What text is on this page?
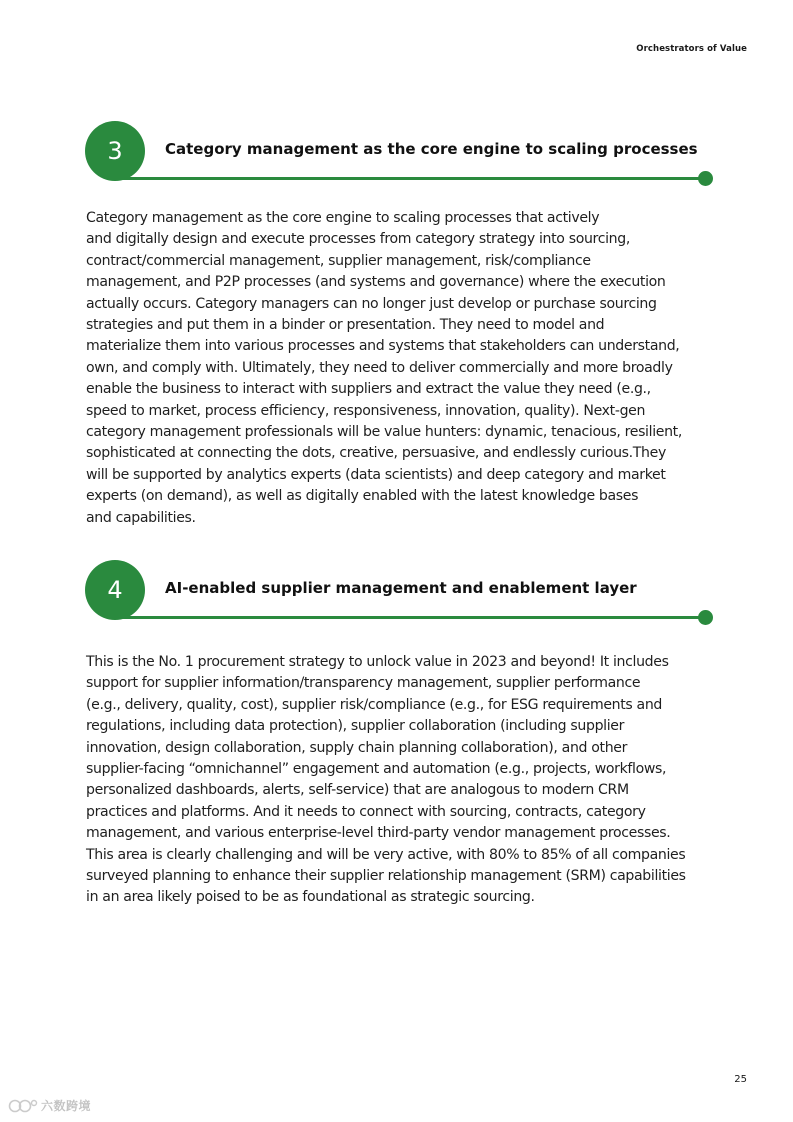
Orchestrators of Value
3	Category management as the core engine to scaling processes
Category management as the core engine to scaling processes that actively
and digitally design and execute processes from category strategy into sourcing,
contract/commercial management, supplier management, risk/compliance
management, and P2P processes (and systems and governance) where the execution
actually occurs. Category managers can no longer just develop or purchase sourcing
strategies and put them in a binder or presentation. They need to model and
materialize them into various processes and systems that stakeholders can understand,
own, and comply with. Ultimately, they need to deliver commercially and more broadly
enable the business to interact with suppliers and extract the value they need (e.g.,
speed to market, process efficiency, responsiveness, innovation, quality). Next-gen
category management professionals will be value hunters: dynamic, tenacious, resilient,
sophisticated at connecting the dots, creative, persuasive, and endlessly curious.They
will be supported by analytics experts (data scientists) and deep category and market
experts (on demand), as well as digitally enabled with the latest knowledge bases
and capabilities.
4	AI-enabled supplier management and enablement layer
This is the No. 1 procurement strategy to unlock value in 2023 and beyond! It includes
support for supplier information/transparency management, supplier performance
(e.g., delivery, quality, cost), supplier risk/compliance (e.g., for ESG requirements and
regulations, including data protection), supplier collaboration (including supplier
innovation, design collaboration, supply chain planning collaboration), and other
supplier-facing “omnichannel” engagement and automation (e.g., projects, workflows,
personalized dashboards, alerts, self-service) that are analogous to modern CRM
practices and platforms. And it needs to connect with sourcing, contracts, category
management, and various enterprise-level third-party vendor management processes.
This area is clearly challenging and will be very active, with 80% to 85% of all companies
surveyed planning to enhance their supplier relationship management (SRM) capabilities
in an area likely poised to be as foundational as strategic sourcing.
25
六数跨境
